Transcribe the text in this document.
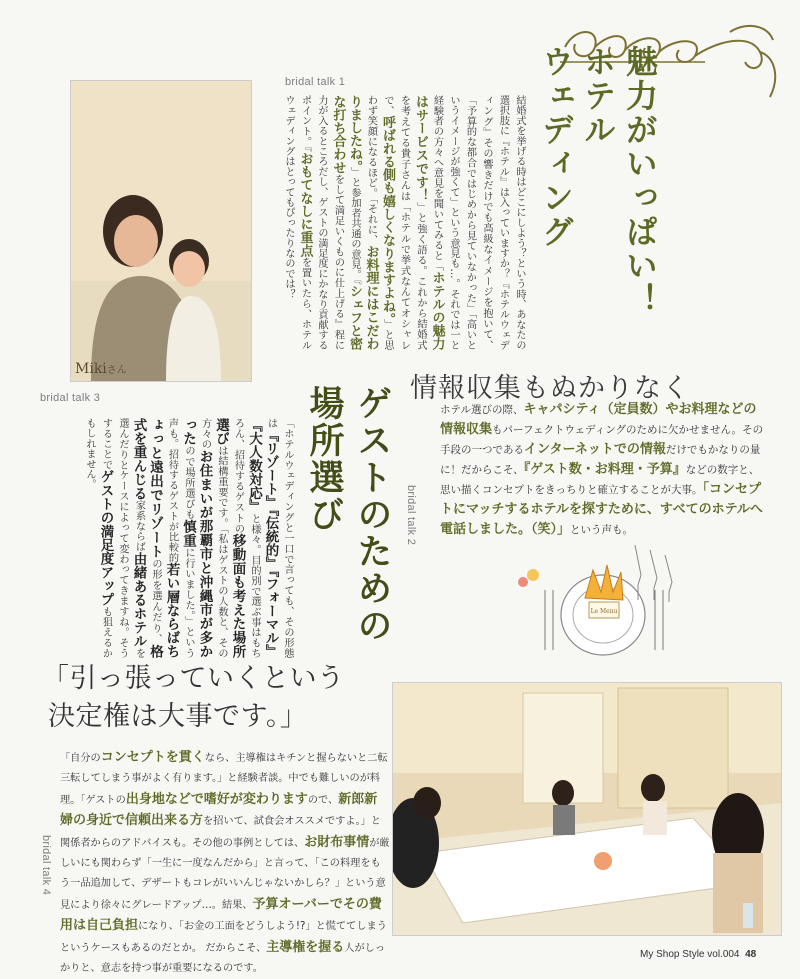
Mikiさん
bridal talk 1
結婚式を挙げる時はどこにしよう？という時、あなたの選択肢に『ホテル』は入っていますか？『ホテルウェディング』その響きだけでも高級なイメージを抱いて、「予算的な都合ではじめから見ていなかった」「高いというイメージが強くて」という意見も…。それでは一と経験者の方々へ意見を聞いてみると「ホテルの魅力はサービスです！」と強く語る。これから結婚式を考えてる貴子さんは「ホテルで挙式なんてオシャレで、呼ばれる側も嬉しくなりますよね。」と思わず笑顔になるほど。「それに、お料理にはこだわりましたね。」と参加者共通の意見。『シェフと密な打ち合わせをして満足いくものに仕上げる』程に力が入るところだし、ゲストの満足度にかなり貢献するポイント。『おもてなしに重点を置いたら、ホテルウェディングはとってもぴったりなのでは？	魅力がいっぱい！
ホテル
ウェディング
情報収集もぬかりなく
bridal talk 2
ホテル選びの際、キャパシティ（定員数）やお料理などの情報収集もパーフェクトウェディングのために欠かせません。その手段の一つであるインターネットでの情報だけでもかなりの量に！だからこそ、『ゲスト数・お料理・予算』などの数字と、思い描くコンセプトをきっちりと確立することが大事。「コンセプトにマッチするホテルを探すために、すべてのホテルへ電話しました。（笑）」という声も。
Le Menu
bridal talk 3
「ホテルウェディングと一口で言っても、その形態は『リゾート』『伝統的』『フォーマル』『大人数対応』と様々。目的別で選ぶ事はもちろん、招待するゲストの移動面も考えた場所選びは結構重要です。「私はゲストの人数と、その方々のお住まいが那覇市と沖縄市が多かったので場所選びも慎重に行いました。」という声も。招待するゲストが比較的若い層ならばちょっと遠出でリゾートの形を選んだり、格式を重んじる家系ならば由緒あるホテルを選んだりとケースによって変わってきますね。そうすることでゲストの満足度アップも狙えるかもしれません。	ゲストのための
場所選び
「引っ張っていくという
決定権は大事です。」
bridal talk 4
「自分のコンセプトを貫くなら、主導権はキチンと握らないと二転三転してしまう事がよく有ります。」と経験者談。中でも難しいのが料理。「ゲストの出身地などで嗜好が変わりますので、新郎新婦の身近で信頼出来る方を招いて、試食会オススメですよ。」と関係者からのアドバイスも。その他の事例としては、お財布事情が厳しいにも関わらず「一生に一度なんだから」と言って、「この料理をもう一品追加して、デザートもコレがいいんじゃないかしら？」という意見により徐々にグレードアップ…。結果、予算オーバーでその費用は自己負担になり、「お金の工面をどうしよう!?」と慌ててしまうというケースもあるのだとか。 だからこそ、主導権を握る人がしっかりと、意志を持つ事が重要になるのです。
My Shop Style vol.004 48
